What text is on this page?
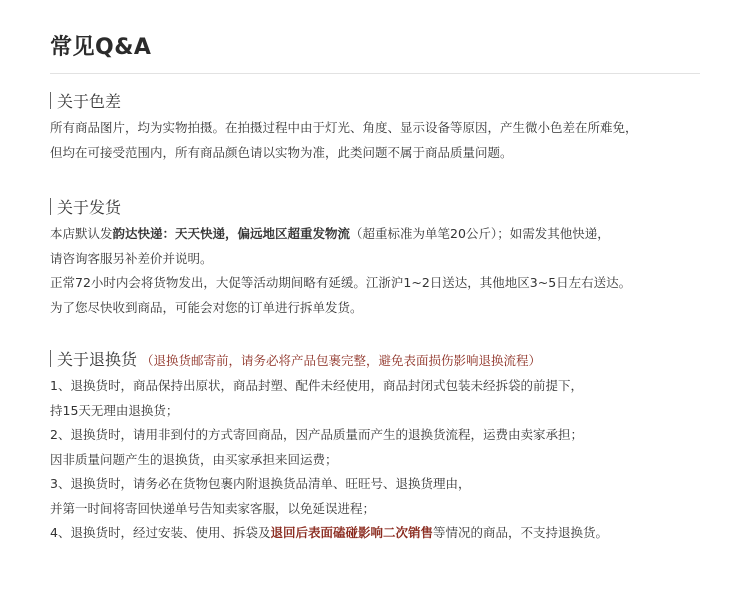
常见Q&A
关于色差
所有商品图片，均为实物拍摄。在拍摄过程中由于灯光、角度、显示设备等原因，产生微小色差在所难免，
但均在可接受范围内，所有商品颜色请以实物为准，此类问题不属于商品质量问题。
关于发货
本店默认发韵达快递：天天快递，偏远地区超重发物流（超重标准为单笔20公斤）；如需发其他快递，
请咨询客服另补差价并说明。
正常72小时内会将货物发出，大促等活动期间略有延缓。江浙沪1~2日送达，其他地区3~5日左右送达。
为了您尽快收到商品，可能会对您的订单进行拆单发货。
关于退换货 （退换货邮寄前，请务必将产品包裹完整，避免表面损伤影响退换流程）
1、退换货时，商品保持出原状，商品封塑、配件未经使用，商品封闭式包装未经拆袋的前提下，
持15天无理由退换货；
2、退换货时，请用非到付的方式寄回商品，因产品质量而产生的退换货流程，运费由卖家承担；
因非质量问题产生的退换货，由买家承担来回运费；
3、退换货时，请务必在货物包裹内附退换货品清单、旺旺号、退换货理由，
并第一时间将寄回快递单号告知卖家客服，以免延误进程；
4、退换货时，经过安装、使用、拆袋及退回后表面磕碰影响二次销售等情况的商品，不支持退换货。
